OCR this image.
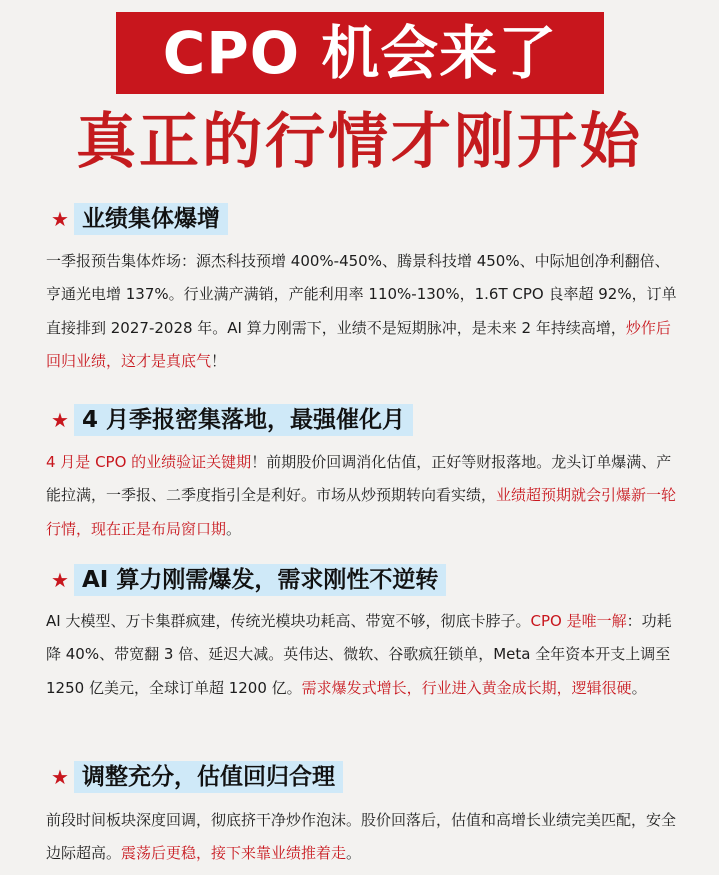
CPO 机会来了
真正的行情才刚开始
★ 业绩集体爆增
一季报预告集体炸场：源杰科技预增 400%-450%、腾景科技增 450%、中际旭创净利翻倍、亨通光电增 137%。行业满产满销，产能利用率 110%-130%，1.6T CPO 良率超 92%，订单直接排到 2027-2028 年。AI 算力刚需下，业绩不是短期脉冲，是未来 2 年持续高增，炒作后回归业绩，这才是真底气！
★ 4 月季报密集落地，最强催化月
4 月是 CPO 的业绩验证关键期！前期股价回调消化估值，正好等财报落地。龙头订单爆满、产能拉满，一季报、二季度指引全是利好。市场从炒预期转向看实绩，业绩超预期就会引爆新一轮行情，现在正是布局窗口期。
★ AI 算力刚需爆发，需求刚性不逆转
AI 大模型、万卡集群疯建，传统光模块功耗高、带宽不够，彻底卡脖子。CPO 是唯一解：功耗降 40%、带宽翻 3 倍、延迟大减。英伟达、微软、谷歌疯狂锁单，Meta 全年资本开支上调至 1250 亿美元，全球订单超 1200 亿。需求爆发式增长，行业进入黄金成长期，逻辑很硬。
★ 调整充分，估值回归合理
前段时间板块深度回调，彻底挤干净炒作泡沫。股价回落后，估值和高增长业绩完美匹配，安全边际超高。震荡后更稳，接下来靠业绩推着走。
